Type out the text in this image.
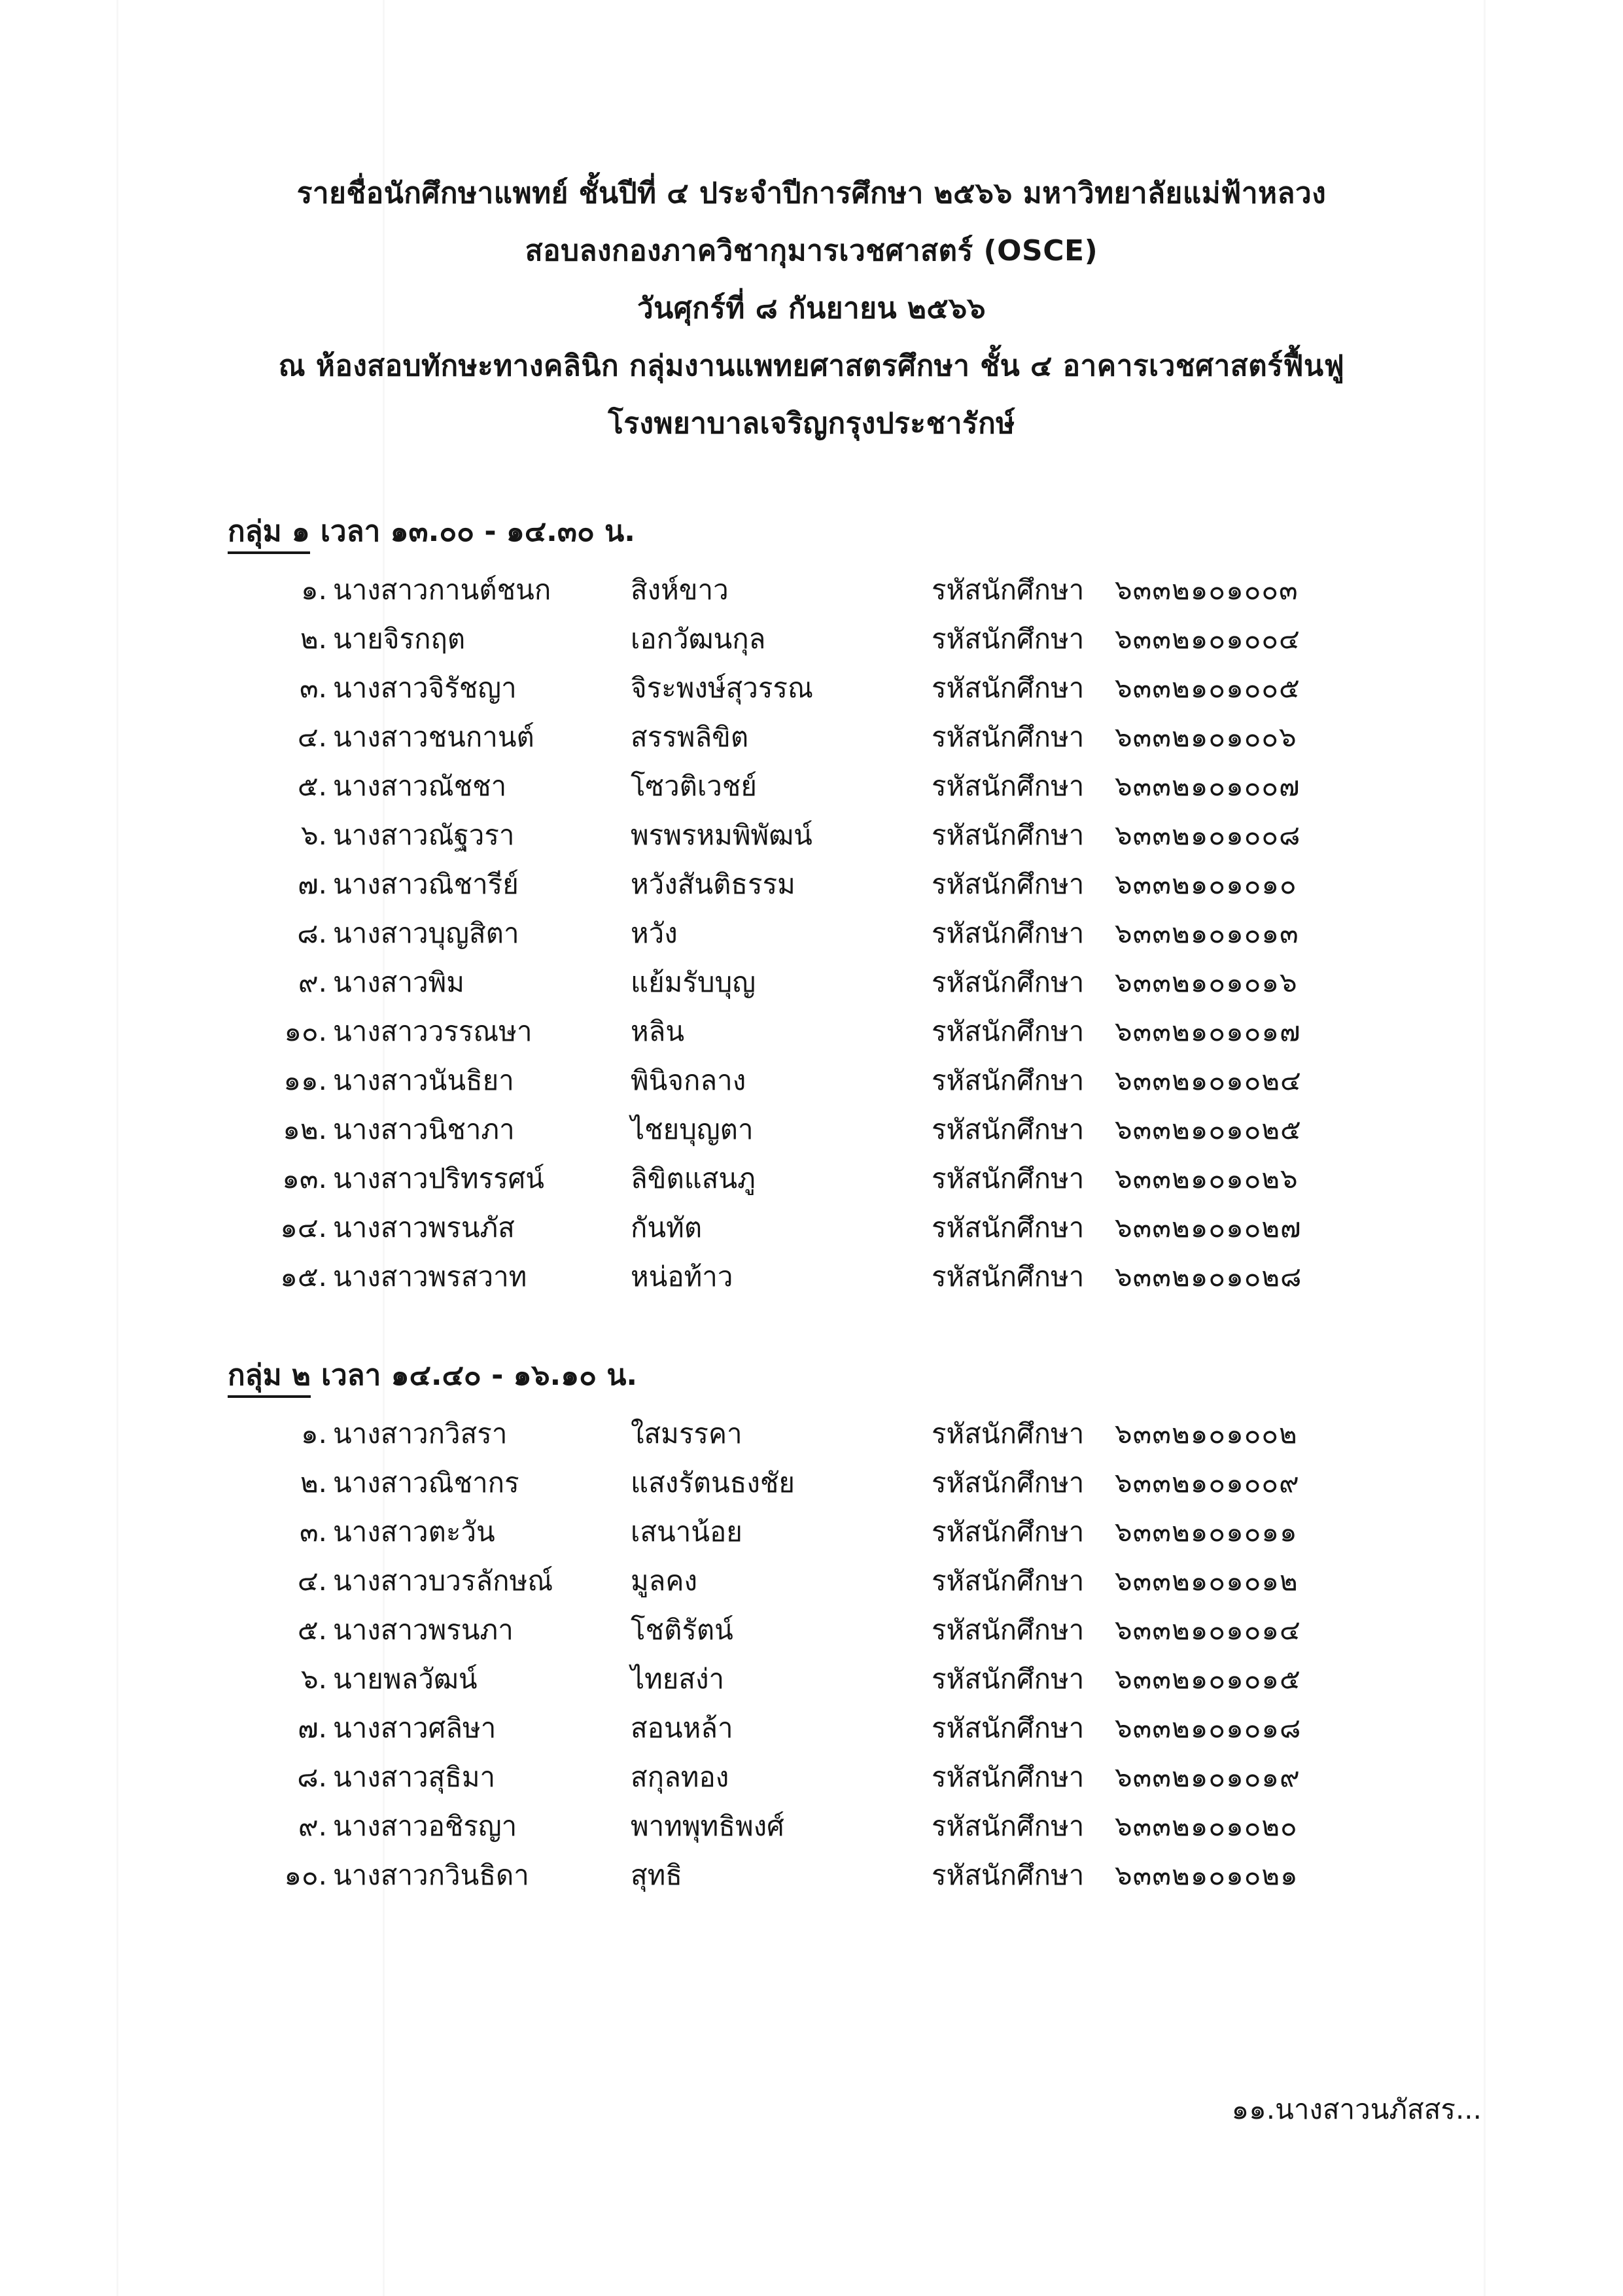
รายชื่อนักศึกษาแพทย์ ชั้นปีที่ ๔ ประจำปีการศึกษา ๒๕๖๖ มหาวิทยาลัยแม่ฟ้าหลวง
สอบลงกองภาควิชากุมารเวชศาสตร์ (OSCE)
วันศุกร์ที่ ๘ กันยายน ๒๕๖๖
ณ ห้องสอบทักษะทางคลินิก กลุ่มงานแพทยศาสตรศึกษา ชั้น ๔ อาคารเวชศาสตร์ฟื้นฟู
โรงพยาบาลเจริญกรุงประชารักษ์
กลุ่ม ๑ เวลา ๑๓.๐๐ - ๑๔.๓๐ น.
๑. นางสาวกานต์ชนก	สิงห์ขาว	รหัสนักศึกษา	๖๓๓๒๑๐๑๐๐๓
๒. นายจิรกฤต	เอกวัฒนกุล	รหัสนักศึกษา	๖๓๓๒๑๐๑๐๐๔
๓. นางสาวจิรัชญา	จิระพงษ์สุวรรณ	รหัสนักศึกษา	๖๓๓๒๑๐๑๐๐๕
๔. นางสาวชนกานต์	สรรพลิขิต	รหัสนักศึกษา	๖๓๓๒๑๐๑๐๐๖
๕. นางสาวณัชชา	โซวติเวชย์	รหัสนักศึกษา	๖๓๓๒๑๐๑๐๐๗
๖. นางสาวณัฐวรา	พรพรหมพิพัฒน์	รหัสนักศึกษา	๖๓๓๒๑๐๑๐๐๘
๗. นางสาวณิชารีย์	หวังสันติธรรม	รหัสนักศึกษา	๖๓๓๒๑๐๑๐๑๐
๘. นางสาวบุญสิตา	หวัง	รหัสนักศึกษา	๖๓๓๒๑๐๑๐๑๓
๙. นางสาวพิม	แย้มรับบุญ	รหัสนักศึกษา	๖๓๓๒๑๐๑๐๑๖
๑๐. นางสาววรรณษา	หลิน	รหัสนักศึกษา	๖๓๓๒๑๐๑๐๑๗
๑๑. นางสาวนันธิยา	พินิจกลาง	รหัสนักศึกษา	๖๓๓๒๑๐๑๐๒๔
๑๒. นางสาวนิชาภา	ไชยบุญตา	รหัสนักศึกษา	๖๓๓๒๑๐๑๐๒๕
๑๓. นางสาวปริทรรศน์	ลิขิตแสนภู	รหัสนักศึกษา	๖๓๓๒๑๐๑๐๒๖
๑๔. นางสาวพรนภัส	กันทัต	รหัสนักศึกษา	๖๓๓๒๑๐๑๐๒๗
๑๕. นางสาวพรสวาท	หน่อท้าว	รหัสนักศึกษา	๖๓๓๒๑๐๑๐๒๘
กลุ่ม ๒ เวลา ๑๔.๔๐ - ๑๖.๑๐ น.
๑. นางสาวกวิสรา	ใสมรรคา	รหัสนักศึกษา	๖๓๓๒๑๐๑๐๐๒
๒. นางสาวณิชากร	แสงรัตนธงชัย	รหัสนักศึกษา	๖๓๓๒๑๐๑๐๐๙
๓. นางสาวตะวัน	เสนาน้อย	รหัสนักศึกษา	๖๓๓๒๑๐๑๐๑๑
๔. นางสาวบวรลักษณ์	มูลคง	รหัสนักศึกษา	๖๓๓๒๑๐๑๐๑๒
๕. นางสาวพรนภา	โชติรัตน์	รหัสนักศึกษา	๖๓๓๒๑๐๑๐๑๔
๖. นายพลวัฒน์	ไทยสง่า	รหัสนักศึกษา	๖๓๓๒๑๐๑๐๑๕
๗. นางสาวศลิษา	สอนหล้า	รหัสนักศึกษา	๖๓๓๒๑๐๑๐๑๘
๘. นางสาวสุธิมา	สกุลทอง	รหัสนักศึกษา	๖๓๓๒๑๐๑๐๑๙
๙. นางสาวอชิรญา	พาทพุทธิพงศ์	รหัสนักศึกษา	๖๓๓๒๑๐๑๐๒๐
๑๐. นางสาวกวินธิดา	สุทธิ	รหัสนักศึกษา	๖๓๓๒๑๐๑๐๒๑
๑๑.นางสาวนภัสสร...
